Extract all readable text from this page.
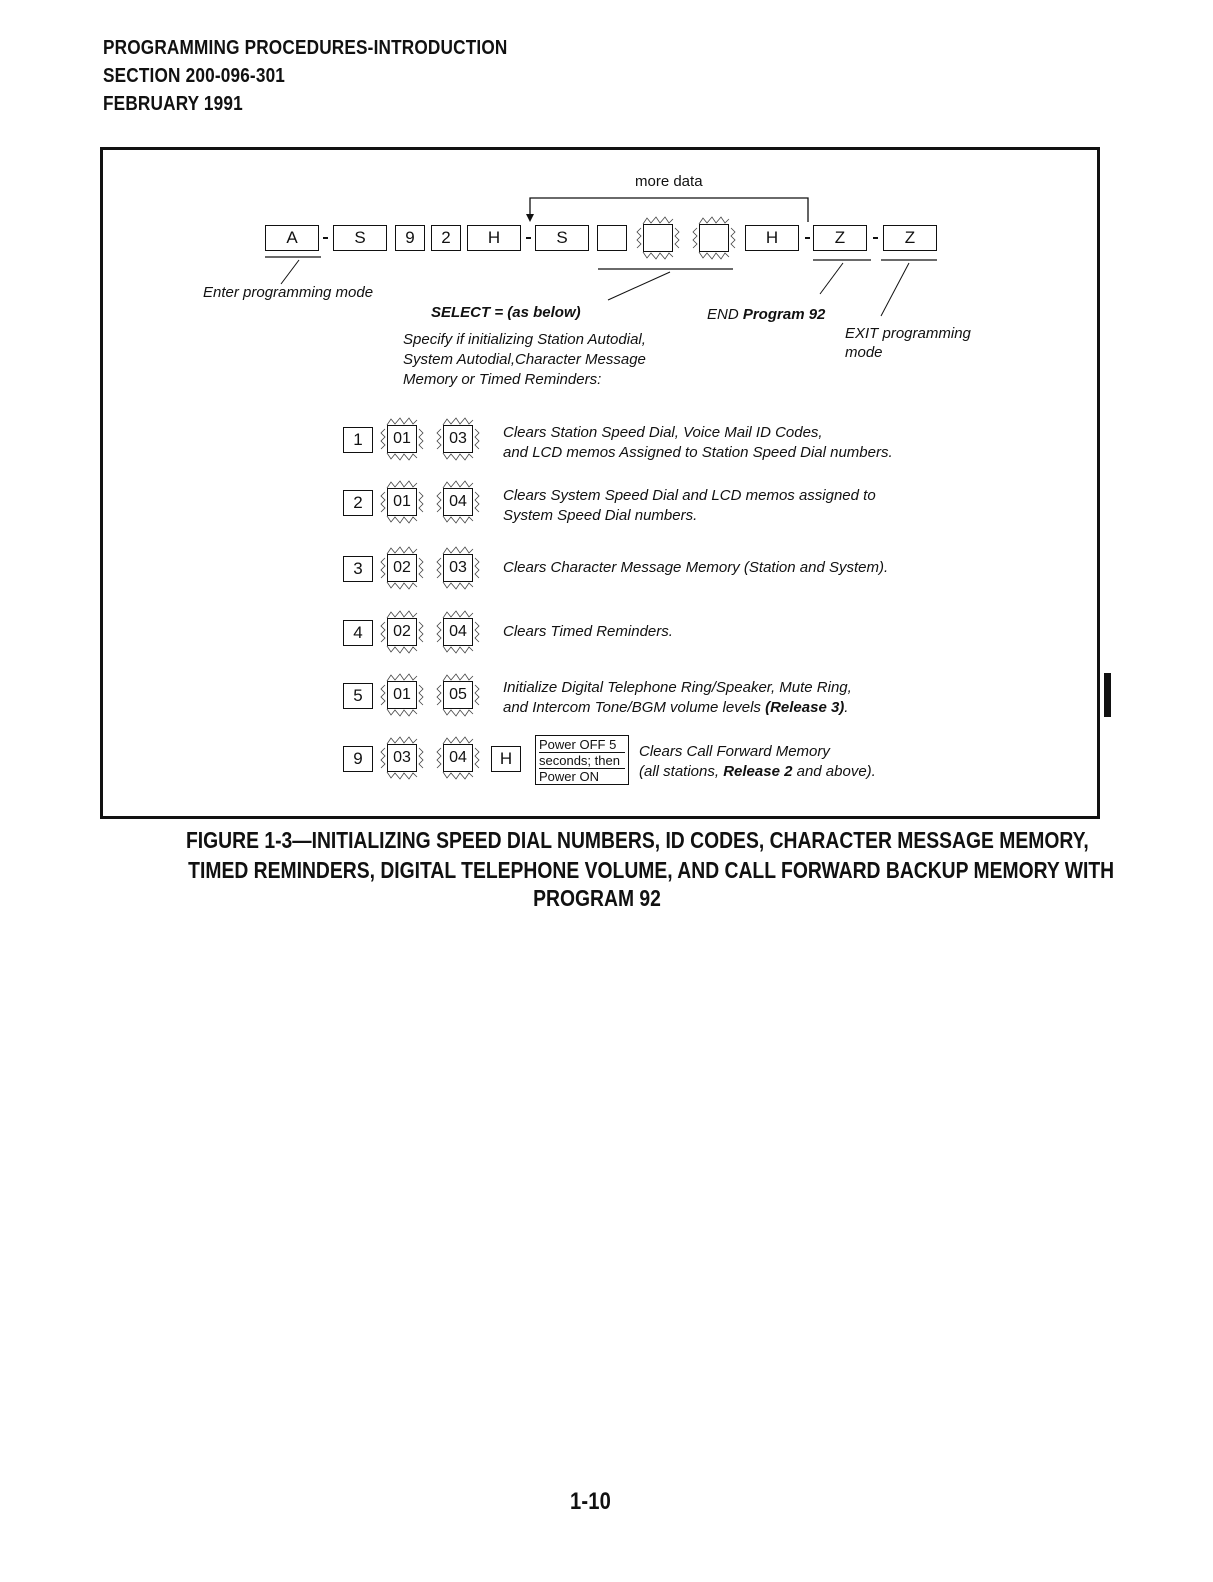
PROGRAMMING PROCEDURES-INTRODUCTION
SECTION 200-096-301
FEBRUARY 1991
more data
A	S	9	2	H	S	H	Z	Z
Enter programming mode
SELECT = (as below)	END Program 92
EXIT programming
mode
Specify if initializing Station Autodial,
System Autodial,Character Message
Memory or Timed Reminders:
1	01	03	Clears Station Speed Dial, Voice Mail ID Codes,
and LCD memos Assigned to Station Speed Dial numbers.
2	01	04	Clears System Speed Dial and LCD memos assigned to
System Speed Dial numbers.
3	02	03	Clears Character Message Memory (Station and System).
4	02	04	Clears Timed Reminders.
5	01	05	Initialize Digital Telephone Ring/Speaker, Mute Ring,
and Intercom Tone/BGM volume levels (Release 3).
9	03	04	H
Power OFF 5
seconds; then
Power ON
Clears Call Forward Memory
(all stations, Release 2 and above).
FIGURE 1-3—INITIALIZING SPEED DIAL NUMBERS, ID CODES, CHARACTER MESSAGE MEMORY,
TIMED REMINDERS, DIGITAL TELEPHONE VOLUME, AND CALL FORWARD BACKUP MEMORY WITH
PROGRAM 92
1-10
